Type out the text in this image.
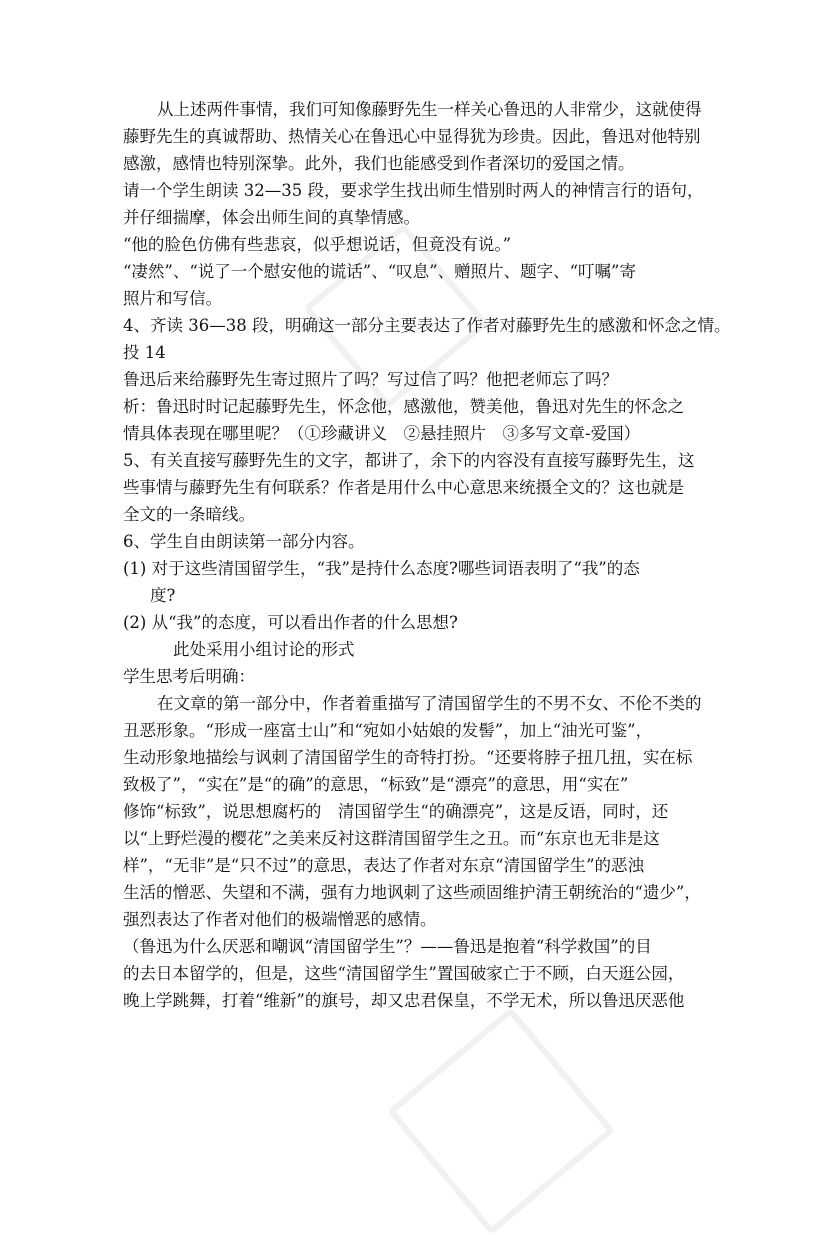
从上述两件事情，我们可知像藤野先生一样关心鲁迅的人非常少，这就使得
藤野先生的真诚帮助、热情关心在鲁迅心中显得犹为珍贵。因此，鲁迅对他特别
感激，感情也特别深挚。此外，我们也能感受到作者深切的爱国之情。
请一个学生朗读 32—35 段，要求学生找出师生惜别时两人的神情言行的语句，
并仔细揣摩，体会出师生间的真挚情感。
“他的脸色仿佛有些悲哀，似乎想说话，但竟没有说。”
“凄然”、“说了一个慰安他的谎话”、“叹息”、赠照片、题字、“叮嘱”寄
照片和写信。
4、齐读 36—38 段，明确这一部分主要表达了作者对藤野先生的感激和怀念之情。
投 14
鲁迅后来给藤野先生寄过照片了吗？写过信了吗？他把老师忘了吗？
析：鲁迅时时记起藤野先生，怀念他，感激他，赞美他，鲁迅对先生的怀念之
情具体表现在哪里呢？（①珍藏讲义　②悬挂照片　③多写文章-爱国）
5、有关直接写藤野先生的文字，都讲了，余下的内容没有直接写藤野先生，这
些事情与藤野先生有何联系？作者是用什么中心意思来统摄全文的？这也就是
全文的一条暗线。
6、学生自由朗读第一部分内容。
(1) 对于这些清国留学生，“我”是持什么态度?哪些词语表明了“我”的态
度?
(2) 从“我”的态度，可以看出作者的什么思想?
此处采用小组讨论的形式
学生思考后明确：
在文章的第一部分中，作者着重描写了清国留学生的不男不女、不伦不类的
丑恶形象。“形成一座富士山”和“宛如小姑娘的发髻”，加上“油光可鉴”，
生动形象地描绘与讽刺了清国留学生的奇特打扮。“还要将脖子扭几扭，实在标
致极了”，“实在”是“的确”的意思，“标致”是“漂亮”的意思，用“实在”
修饰“标致”，说思想腐朽的　清国留学生“的确漂亮”，这是反语，同时，还
以“上野烂漫的樱花”之美来反衬这群清国留学生之丑。而“东京也无非是这
样”，“无非”是“只不过”的意思，表达了作者对东京“清国留学生”的恶浊
生活的憎恶、失望和不满，强有力地讽刺了这些顽固维护清王朝统治的“遗少”，
强烈表达了作者对他们的极端憎恶的感情。
（鲁迅为什么厌恶和嘲讽“清国留学生”？——鲁迅是抱着“科学救国”的目
的去日本留学的，但是，这些“清国留学生”置国破家亡于不顾，白天逛公园，
晚上学跳舞，打着“维新”的旗号，却又忠君保皇，不学无术，所以鲁迅厌恶他
